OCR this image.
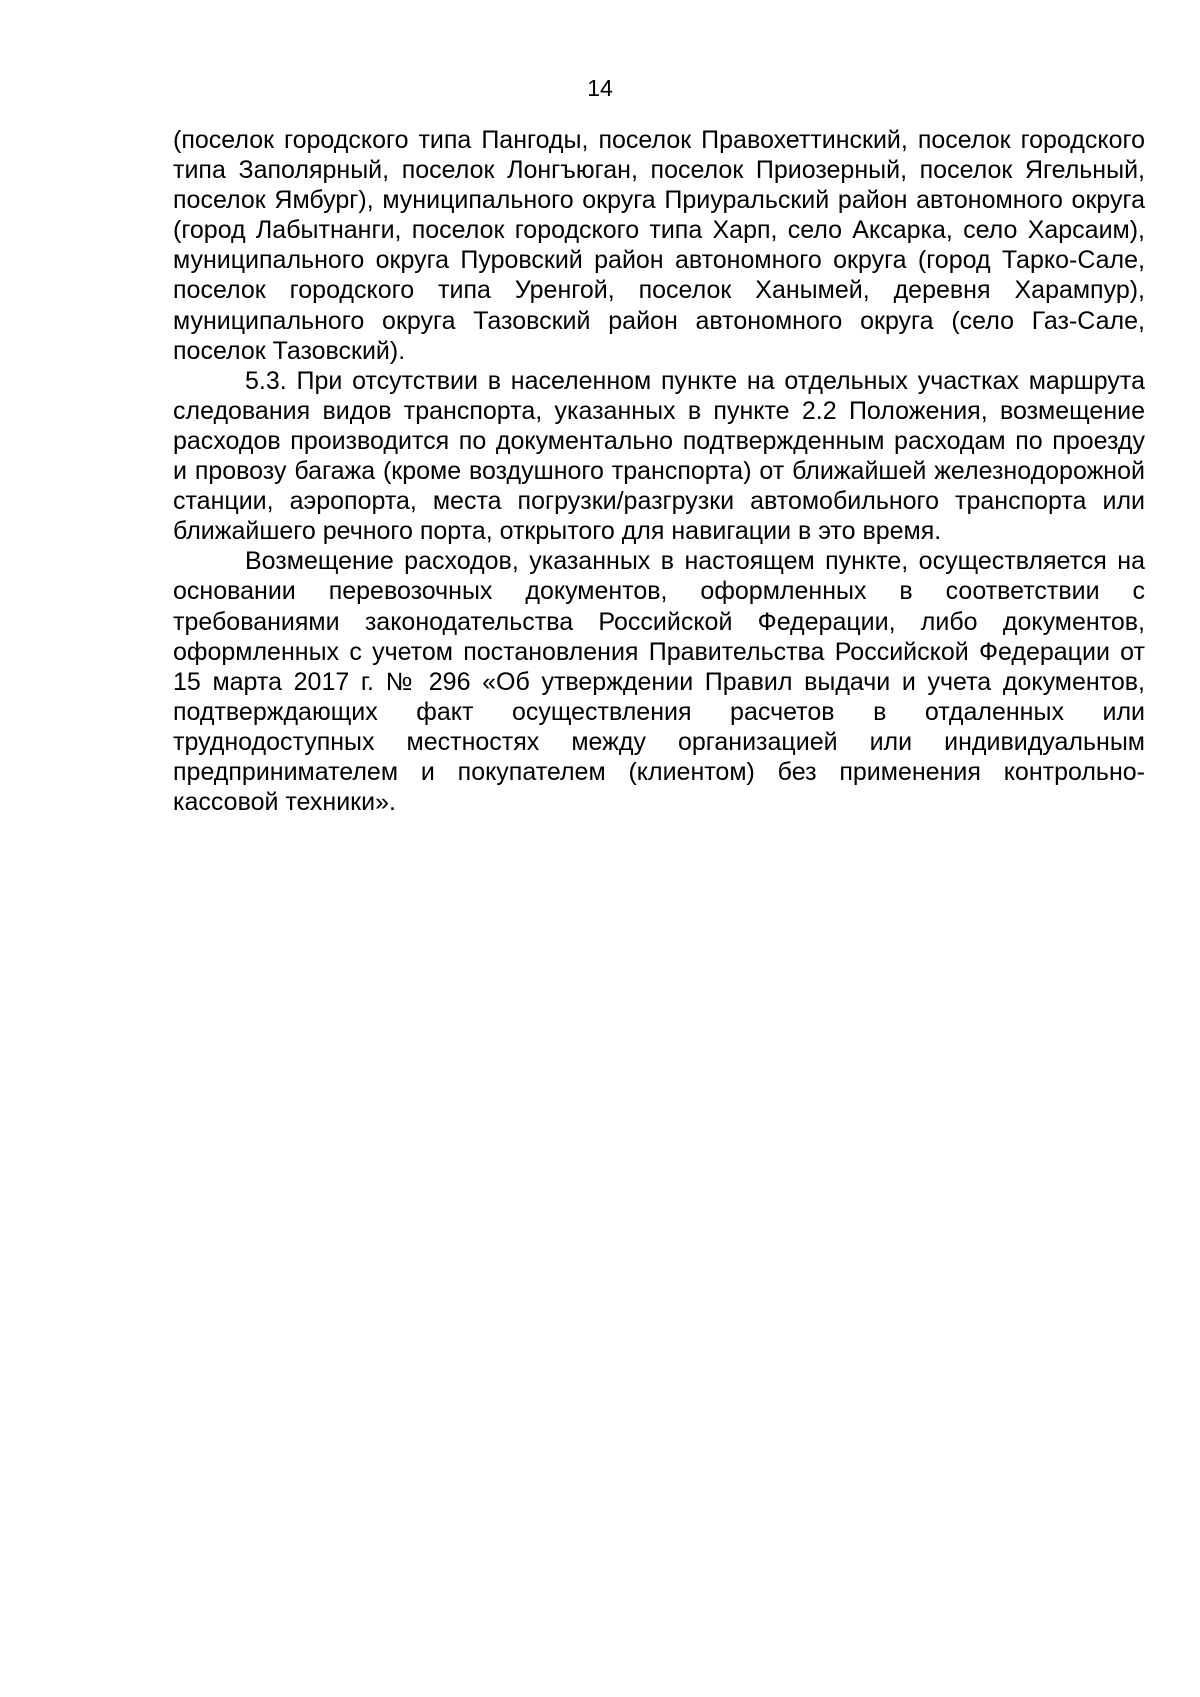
14

(поселок городского типа Пангоды, поселок Правохеттинский, поселок городского типа Заполярный, поселок Лонгъюган, поселок Приозерный, поселок Ягельный, поселок Ямбург), муниципального округа Приуральский район автономного округа (город Лабытнанги, поселок городского типа Харп, село Аксарка, село Харсаим), муниципального округа Пуровский район автономного округа (город Тарко-Сале, поселок городского типа Уренгой, поселок Ханымей, деревня Харампур), муниципального округа Тазовский район автономного округа (село Газ-Сале, поселок Тазовский).

5.3. При отсутствии в населенном пункте на отдельных участках маршрута следования видов транспорта, указанных в пункте 2.2 Положения, возмещение расходов производится по документально подтвержденным расходам по проезду и провозу багажа (кроме воздушного транспорта) от ближайшей железнодорожной станции, аэропорта, места погрузки/разгрузки автомобильного транспорта или ближайшего речного порта, открытого для навигации в это время.

Возмещение расходов, указанных в настоящем пункте, осуществляется на основании перевозочных документов, оформленных в соответствии с требованиями законодательства Российской Федерации, либо документов, оформленных с учетом постановления Правительства Российской Федерации от 15 марта 2017 г. № 296 «Об утверждении Правил выдачи и учета документов, подтверждающих факт осуществления расчетов в отдаленных или труднодоступных местностях между организацией или индивидуальным предпринимателем и покупателем (клиентом) без применения контрольно-кассовой техники».
